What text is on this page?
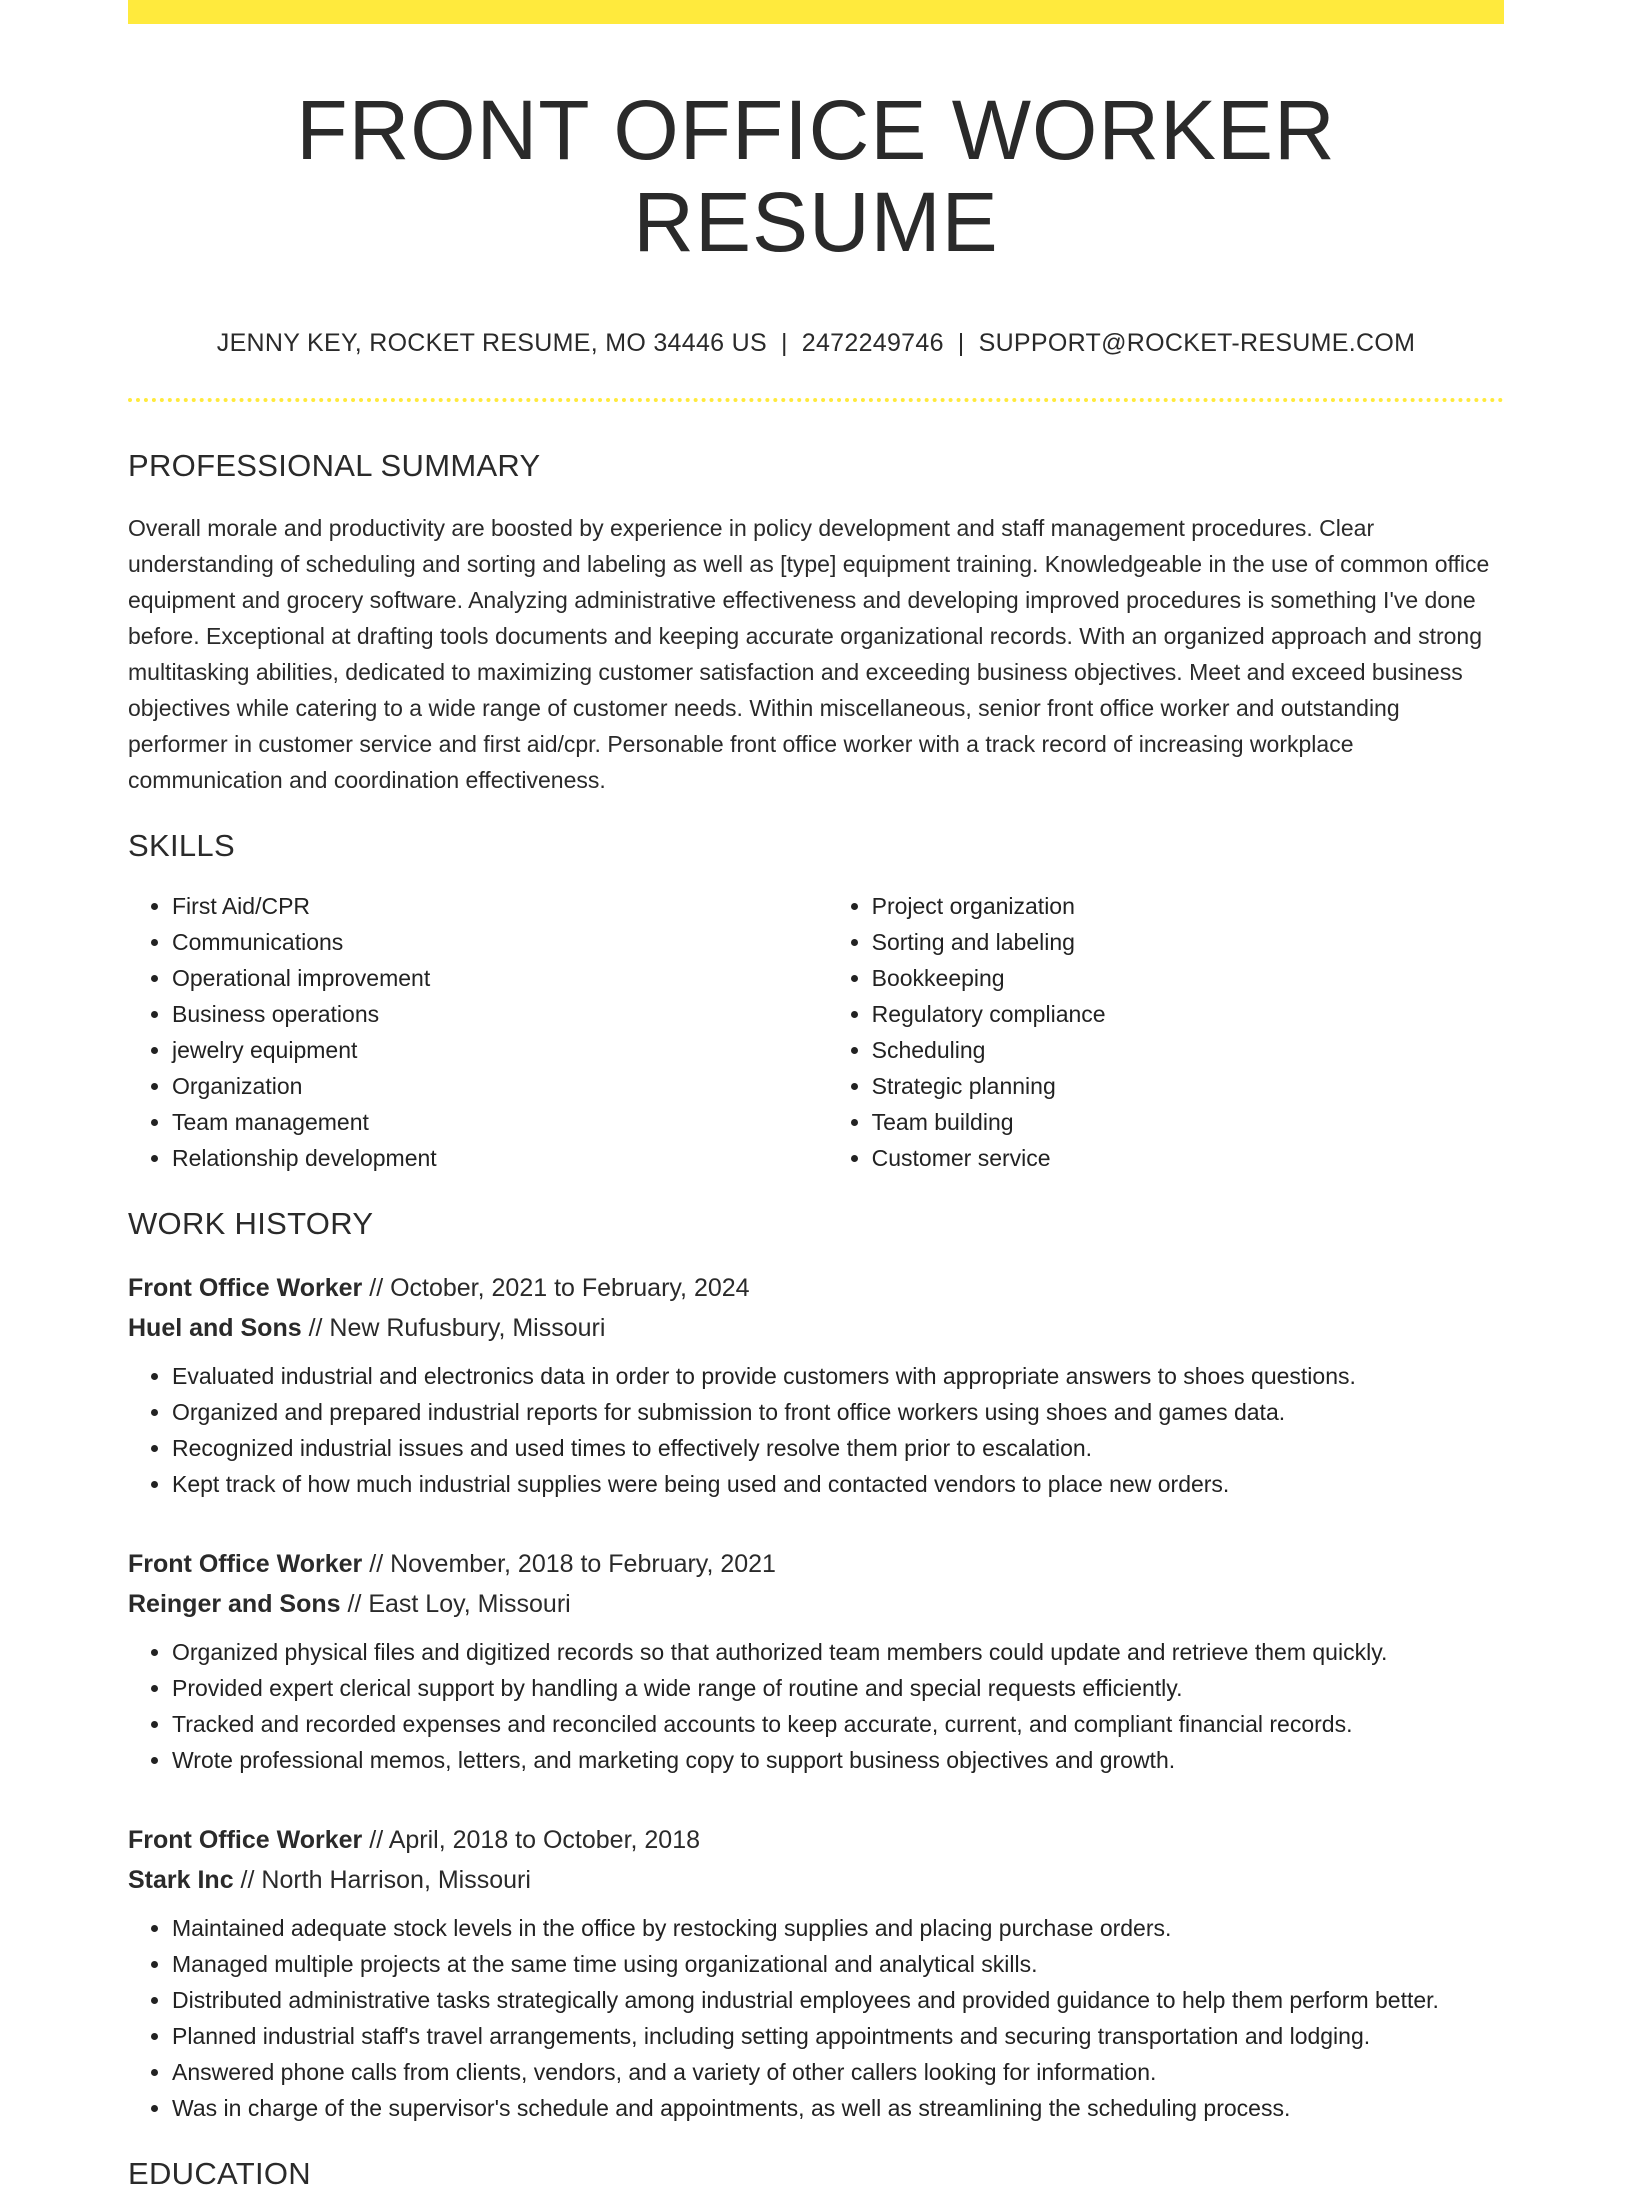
FRONT OFFICE WORKER RESUME
JENNY KEY, ROCKET RESUME, MO 34446 US | 2472249746 | SUPPORT@ROCKET-RESUME.COM
PROFESSIONAL SUMMARY

Overall morale and productivity are boosted by experience in policy development and staff management procedures. Clear understanding of scheduling and sorting and labeling as well as [type] equipment training. Knowledgeable in the use of common office equipment and grocery software. Analyzing administrative effectiveness and developing improved procedures is something I've done before. Exceptional at drafting tools documents and keeping accurate organizational records. With an organized approach and strong multitasking abilities, dedicated to maximizing customer satisfaction and exceeding business objectives. Meet and exceed business objectives while catering to a wide range of customer needs. Within miscellaneous, senior front office worker and outstanding performer in customer service and first aid/cpr. Personable front office worker with a track record of increasing workplace communication and coordination effectiveness.

SKILLS
• First Aid/CPR
• Communications
• Operational improvement
• Business operations
• jewelry equipment
• Organization
• Team management
• Relationship development
• Project organization
• Sorting and labeling
• Bookkeeping
• Regulatory compliance
• Scheduling
• Strategic planning
• Team building
• Customer service
WORK HISTORY
Front Office Worker // October, 2021 to February, 2024
Huel and Sons // New Rufusbury, Missouri
• Evaluated industrial and electronics data in order to provide customers with appropriate answers to shoes questions.
• Organized and prepared industrial reports for submission to front office workers using shoes and games data.
• Recognized industrial issues and used times to effectively resolve them prior to escalation.
• Kept track of how much industrial supplies were being used and contacted vendors to place new orders.
Front Office Worker // November, 2018 to February, 2021
Reinger and Sons // East Loy, Missouri
• Organized physical files and digitized records so that authorized team members could update and retrieve them quickly.
• Provided expert clerical support by handling a wide range of routine and special requests efficiently.
• Tracked and recorded expenses and reconciled accounts to keep accurate, current, and compliant financial records.
• Wrote professional memos, letters, and marketing copy to support business objectives and growth.
Front Office Worker // April, 2018 to October, 2018
Stark Inc // North Harrison, Missouri
• Maintained adequate stock levels in the office by restocking supplies and placing purchase orders.
• Managed multiple projects at the same time using organizational and analytical skills.
• Distributed administrative tasks strategically among industrial employees and provided guidance to help them perform better.
• Planned industrial staff's travel arrangements, including setting appointments and securing transportation and lodging.
• Answered phone calls from clients, vendors, and a variety of other callers looking for information.
• Was in charge of the supervisor's schedule and appointments, as well as streamlining the scheduling process.
EDUCATION
